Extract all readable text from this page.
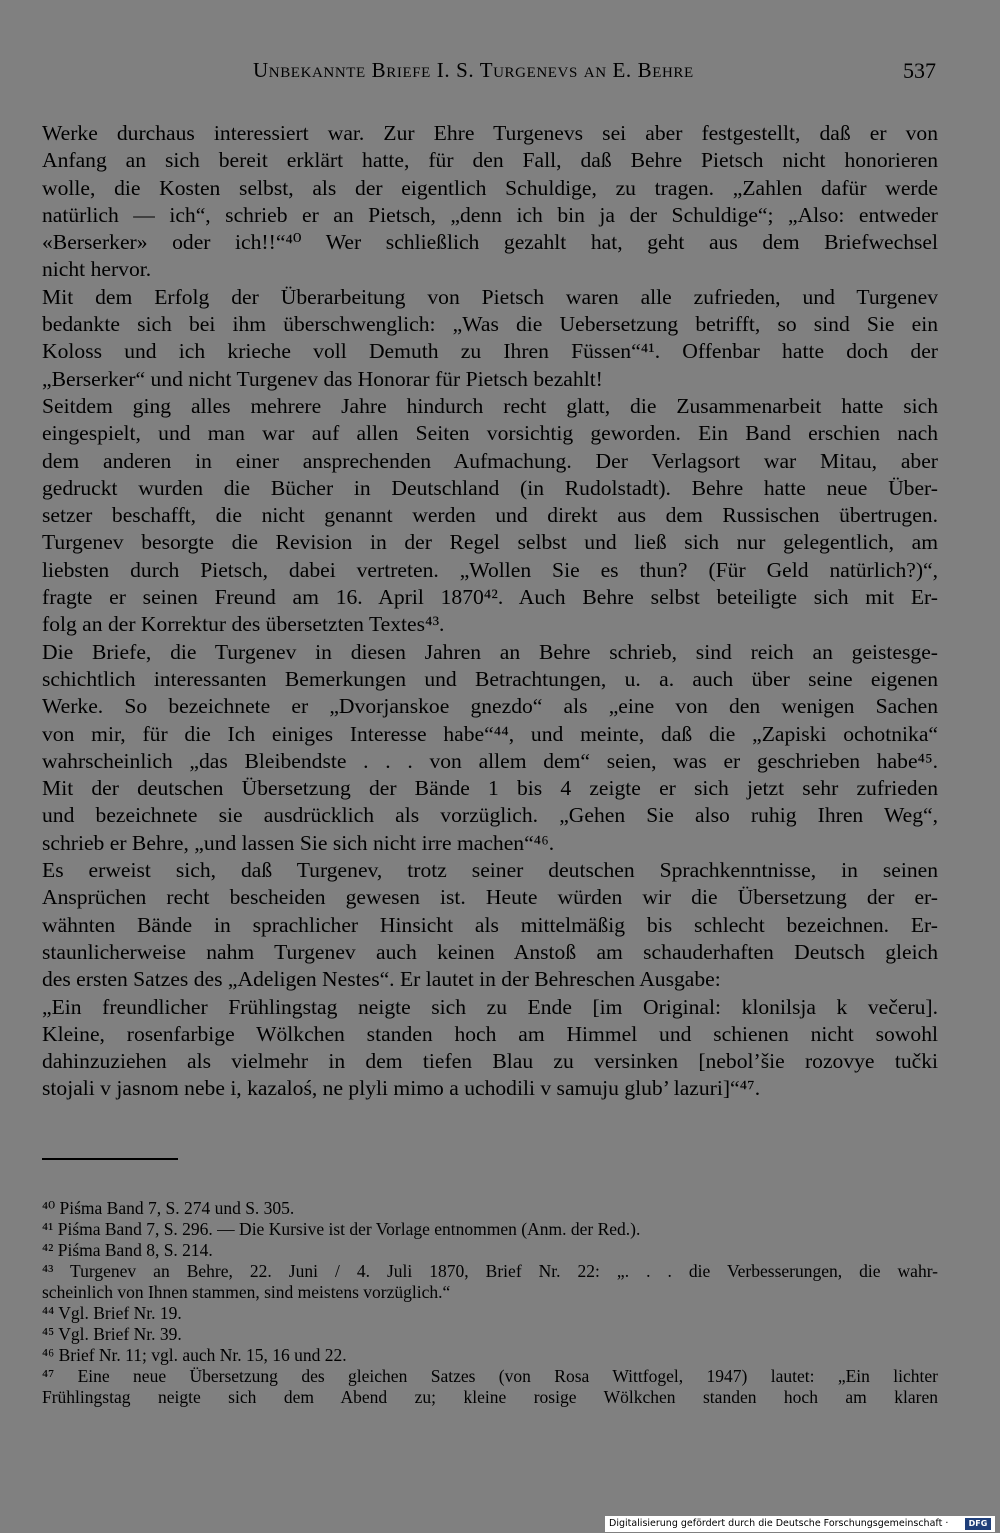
Unbekannte Briefe I. S. Turgenevs an E. Behre	537
Werke durchaus interessiert war. Zur Ehre Turgenevs sei aber festgestellt, daß er von
Anfang an sich bereit erklärt hatte, für den Fall, daß Behre Pietsch nicht honorieren
wolle, die Kosten selbst, als der eigentlich Schuldige, zu tragen. „Zahlen dafür werde
natürlich — ich“, schrieb er an Pietsch, „denn ich bin ja der Schuldige“; „Also: entweder
«Berserker» oder ich!!“⁴⁰ Wer schließlich gezahlt hat, geht aus dem Briefwechsel
nicht hervor.
Mit dem Erfolg der Überarbeitung von Pietsch waren alle zufrieden, und Turgenev
bedankte sich bei ihm überschwenglich: „Was die Uebersetzung betrifft, so sind Sie ein
Koloss und ich krieche voll Demuth zu Ihren Füssen“⁴¹. Offenbar hatte doch der
„Berserker“ und nicht Turgenev das Honorar für Pietsch bezahlt!
Seitdem ging alles mehrere Jahre hindurch recht glatt, die Zusammenarbeit hatte sich
eingespielt, und man war auf allen Seiten vorsichtig geworden. Ein Band erschien nach
dem anderen in einer ansprechenden Aufmachung. Der Verlagsort war Mitau, aber
gedruckt wurden die Bücher in Deutschland (in Rudolstadt). Behre hatte neue Über-
setzer beschafft, die nicht genannt werden und direkt aus dem Russischen übertrugen.
Turgenev besorgte die Revision in der Regel selbst und ließ sich nur gelegentlich, am
liebsten durch Pietsch, dabei vertreten. „Wollen Sie es thun? (Für Geld natürlich?)“,
fragte er seinen Freund am 16. April 1870⁴². Auch Behre selbst beteiligte sich mit Er-
folg an der Korrektur des übersetzten Textes⁴³.
Die Briefe, die Turgenev in diesen Jahren an Behre schrieb, sind reich an geistesge-
schichtlich interessanten Bemerkungen und Betrachtungen, u. a. auch über seine eigenen
Werke. So bezeichnete er „Dvorjanskoe gnezdo“ als „eine von den wenigen Sachen
von mir, für die Ich einiges Interesse habe“⁴⁴, und meinte, daß die „Zapiski ochotnika“
wahrscheinlich „das Bleibendste . . . von allem dem“ seien, was er geschrieben habe⁴⁵.
Mit der deutschen Übersetzung der Bände 1 bis 4 zeigte er sich jetzt sehr zufrieden
und bezeichnete sie ausdrücklich als vorzüglich. „Gehen Sie also ruhig Ihren Weg“,
schrieb er Behre, „und lassen Sie sich nicht irre machen“⁴⁶.
Es erweist sich, daß Turgenev, trotz seiner deutschen Sprachkenntnisse, in seinen
Ansprüchen recht bescheiden gewesen ist. Heute würden wir die Übersetzung der er-
wähnten Bände in sprachlicher Hinsicht als mittelmäßig bis schlecht bezeichnen. Er-
staunlicherweise nahm Turgenev auch keinen Anstoß am schauderhaften Deutsch gleich
des ersten Satzes des „Adeligen Nestes“. Er lautet in der Behreschen Ausgabe:
„Ein freundlicher Frühlingstag neigte sich zu Ende [im Original: klonilsja k večeru].
Kleine, rosenfarbige Wölkchen standen hoch am Himmel und schienen nicht sowohl
dahinzuziehen als vielmehr in dem tiefen Blau zu versinken [nebol’šie rozovye tučki
stojali v jasnom nebe i, kazaloś, ne plyli mimo a uchodili v samuju glub’ lazuri]“⁴⁷.
⁴⁰ Piśma Band 7, S. 274 und S. 305.
⁴¹ Piśma Band 7, S. 296. — Die Kursive ist der Vorlage entnommen (Anm. der Red.).
⁴² Piśma Band 8, S. 214.
⁴³ Turgenev an Behre, 22. Juni / 4. Juli 1870, Brief Nr. 22: „. . . die Verbesserungen, die wahr-
scheinlich von Ihnen stammen, sind meistens vorzüglich.“
⁴⁴ Vgl. Brief Nr. 19.
⁴⁵ Vgl. Brief Nr. 39.
⁴⁶ Brief Nr. 11; vgl. auch Nr. 15, 16 und 22.
⁴⁷ Eine neue Übersetzung des gleichen Satzes (von Rosa Wittfogel, 1947) lautet: „Ein lichter
Frühlingstag neigte sich dem Abend zu; kleine rosige Wölkchen standen hoch am klaren
Digitalisierung gefördert durch die Deutsche Forschungsgemeinschaft ·	DFG
